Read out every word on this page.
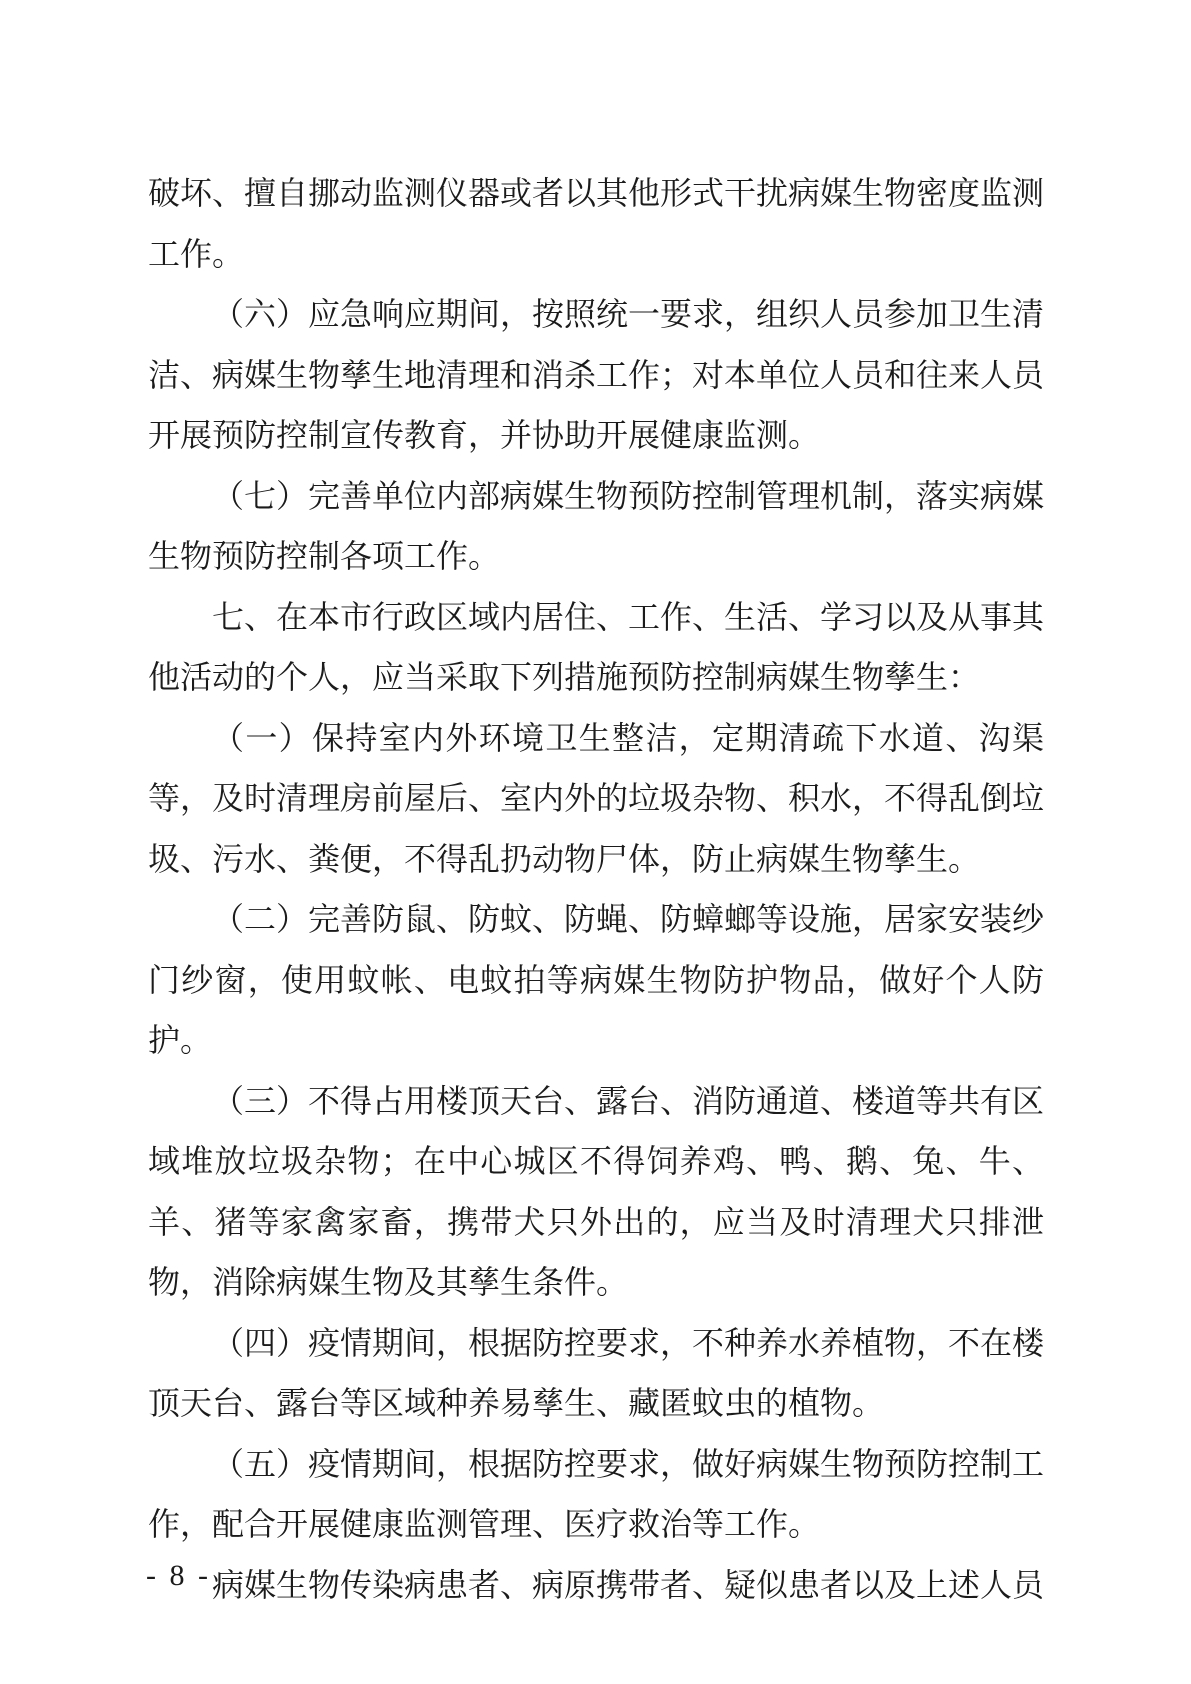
破坏、擅自挪动监测仪器或者以其他形式干扰病媒生物密度监测工作。

（六）应急响应期间，按照统一要求，组织人员参加卫生清洁、病媒生物孳生地清理和消杀工作；对本单位人员和往来人员开展预防控制宣传教育，并协助开展健康监测。

（七）完善单位内部病媒生物预防控制管理机制，落实病媒生物预防控制各项工作。

七、在本市行政区域内居住、工作、生活、学习以及从事其他活动的个人，应当采取下列措施预防控制病媒生物孳生：

（一）保持室内外环境卫生整洁，定期清疏下水道、沟渠等，及时清理房前屋后、室内外的垃圾杂物、积水，不得乱倒垃圾、污水、粪便，不得乱扔动物尸体，防止病媒生物孳生。

（二）完善防鼠、防蚊、防蝇、防蟑螂等设施，居家安装纱门纱窗，使用蚊帐、电蚊拍等病媒生物防护物品，做好个人防护。

（三）不得占用楼顶天台、露台、消防通道、楼道等共有区域堆放垃圾杂物；在中心城区不得饲养鸡、鸭、鹅、兔、牛、羊、猪等家禽家畜，携带犬只外出的，应当及时清理犬只排泄物，消除病媒生物及其孳生条件。

（四）疫情期间，根据防控要求，不种养水养植物，不在楼顶天台、露台等区域种养易孳生、藏匿蚊虫的植物。

（五）疫情期间，根据防控要求，做好病媒生物预防控制工作，配合开展健康监测管理、医疗救治等工作。

病媒生物传染病患者、病原携带者、疑似患者以及上述人员

- 8 -
